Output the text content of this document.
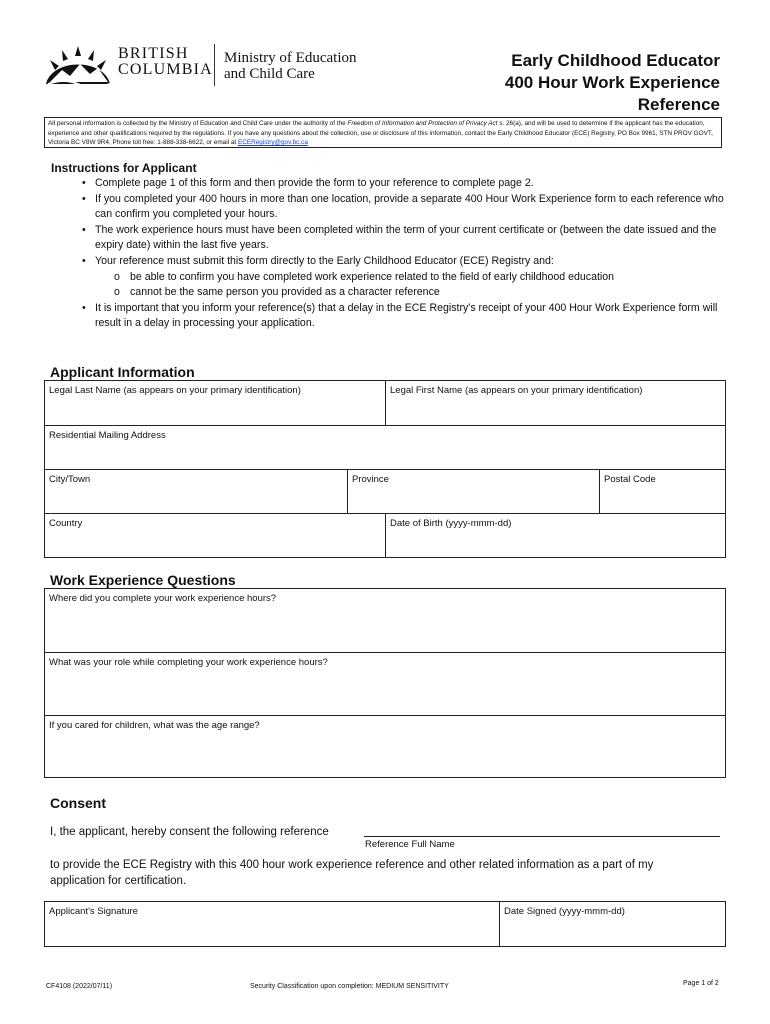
BRITISH
COLUMBIA
Ministry of Education
and Child Care
Early Childhood Educator
400 Hour Work Experience
Reference
All personal information is collected by the Ministry of Education and Child Care under the authority of the Freedom of Information and Protection of Privacy Act s. 26(a), and will be used to determine if the applicant has the education, experience and other qualifications required by the regulations. If you have any questions about the collection, use or disclosure of this information, contact the Early Childhood Educator (ECE) Registry, PO Box 9961, STN PROV GOVT, Victoria BC V8W 9R4, Phone toll free: 1-888-338-6622, or email at ECERegistry@gov.bc.ca
Instructions for Applicant
• Complete page 1 of this form and then provide the form to your reference to complete page 2.
• If you completed your 400 hours in more than one location, provide a separate 400 Hour Work Experience form to each reference who can confirm you completed your hours.
• The work experience hours must have been completed within the term of your current certificate or (between the date issued and the expiry date) within the last five years.
• Your reference must submit this form directly to the Early Childhood Educator (ECE) Registry and:
o be able to confirm you have completed work experience related to the field of early childhood education
o cannot be the same person you provided as a character reference
• It is important that you inform your reference(s) that a delay in the ECE Registry's receipt of your 400 Hour Work Experience form will result in a delay in processing your application.
Applicant Information
Legal Last Name (as appears on your primary identification)	Legal First Name (as appears on your primary identification)
Residential Mailing Address
City/Town	Province	Postal Code
Country	Date of Birth (yyyy-mmm-dd)
Work Experience Questions
Where did you complete your work experience hours?
What was your role while completing your work experience hours?
If you cared for children, what was the age range?
Consent
I, the applicant, hereby consent the following reference
Reference Full Name
to provide the ECE Registry with this 400 hour work experience reference and other related information as a part of my
application for certification.
Applicant's Signature	Date Signed (yyyy-mmm-dd)
CF4108 (2022/07/11)	Security Classification upon completion: MEDIUM SENSITIVITY	Page 1 of 2
